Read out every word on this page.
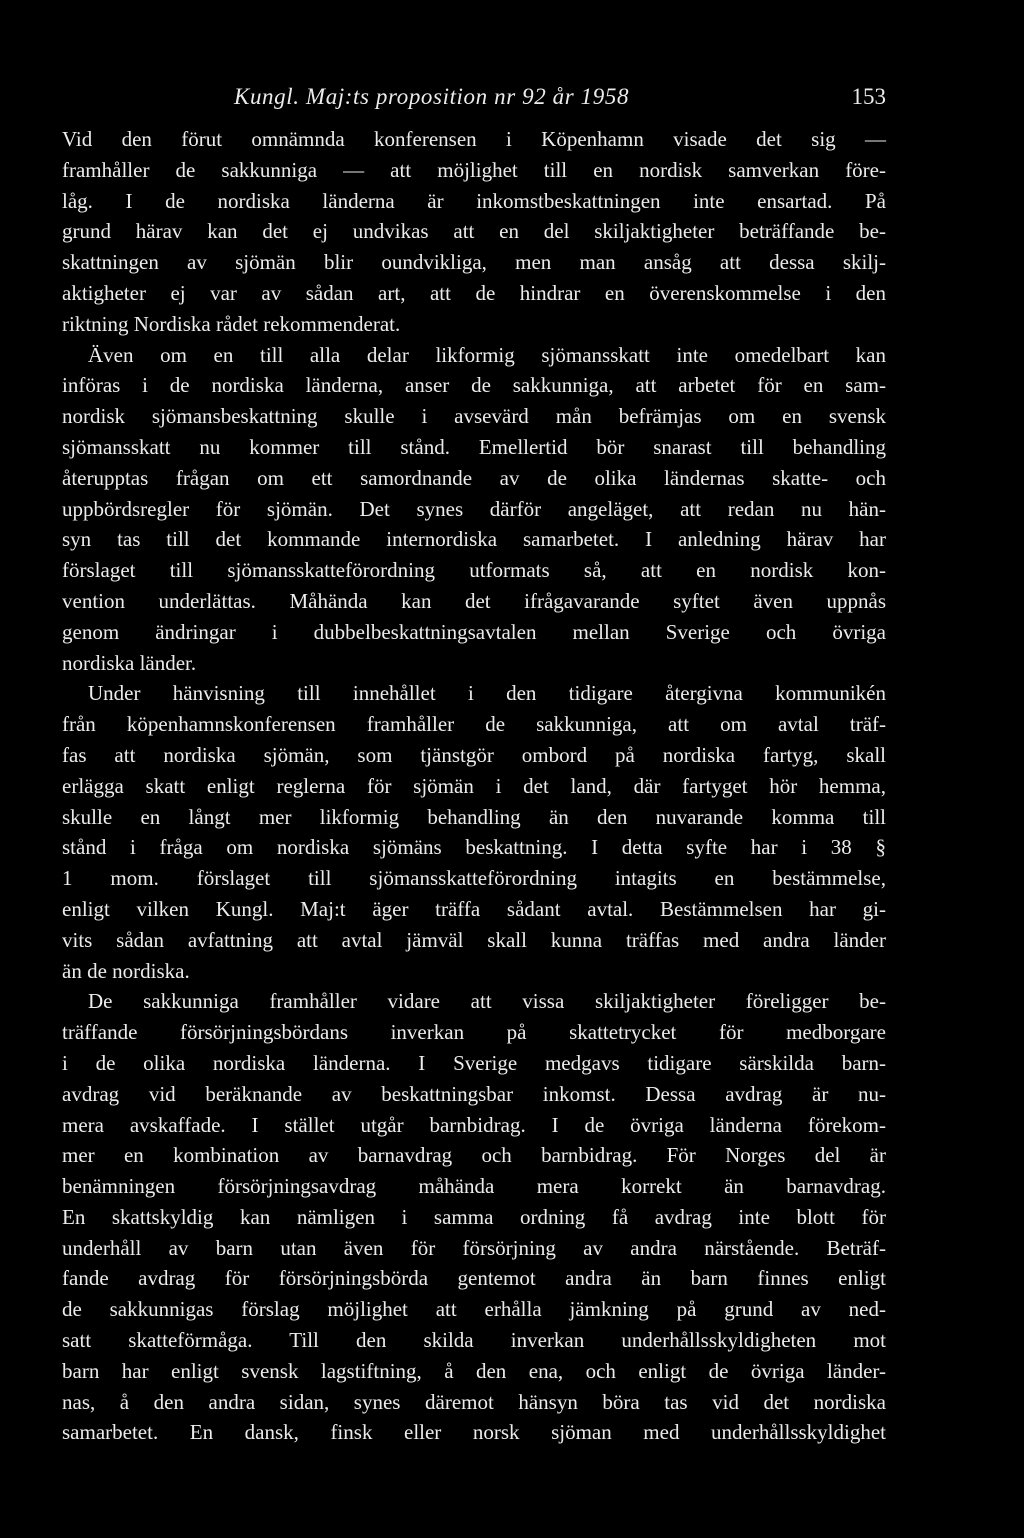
Kungl. Maj:ts proposition nr 92 år 1958	153
Vid den förut omnämnda konferensen i Köpenhamn visade det sig —
framhåller de sakkunniga — att möjlighet till en nordisk samverkan före-
låg. I de nordiska länderna är inkomstbeskattningen inte ensartad. På
grund härav kan det ej undvikas att en del skiljaktigheter beträffande be-
skattningen av sjömän blir oundvikliga, men man ansåg att dessa skilj-
aktigheter ej var av sådan art, att de hindrar en överenskommelse i den
riktning Nordiska rådet rekommenderat.
Även om en till alla delar likformig sjömansskatt inte omedelbart kan
införas i de nordiska länderna, anser de sakkunniga, att arbetet för en sam-
nordisk sjömansbeskattning skulle i avsevärd mån befrämjas om en svensk
sjömansskatt nu kommer till stånd. Emellertid bör snarast till behandling
återupptas frågan om ett samordnande av de olika ländernas skatte- och
uppbördsregler för sjömän. Det synes därför angeläget, att redan nu hän-
syn tas till det kommande internordiska samarbetet. I anledning härav har
förslaget till sjömansskatteförordning utformats så, att en nordisk kon-
vention underlättas. Måhända kan det ifrågavarande syftet även uppnås
genom ändringar i dubbelbeskattningsavtalen mellan Sverige och övriga
nordiska länder.
Under hänvisning till innehållet i den tidigare återgivna kommunikén
från köpenhamnskonferensen framhåller de sakkunniga, att om avtal träf-
fas att nordiska sjömän, som tjänstgör ombord på nordiska fartyg, skall
erlägga skatt enligt reglerna för sjömän i det land, där fartyget hör hemma,
skulle en långt mer likformig behandling än den nuvarande komma till
stånd i fråga om nordiska sjömäns beskattning. I detta syfte har i 38 §
1 mom. förslaget till sjömansskatteförordning intagits en bestämmelse,
enligt vilken Kungl. Maj:t äger träffa sådant avtal. Bestämmelsen har gi-
vits sådan avfattning att avtal jämväl skall kunna träffas med andra länder
än de nordiska.
De sakkunniga framhåller vidare att vissa skiljaktigheter föreligger be-
träffande försörjningsbördans inverkan på skattetrycket för medborgare
i de olika nordiska länderna. I Sverige medgavs tidigare särskilda barn-
avdrag vid beräknande av beskattningsbar inkomst. Dessa avdrag är nu-
mera avskaffade. I stället utgår barnbidrag. I de övriga länderna förekom-
mer en kombination av barnavdrag och barnbidrag. För Norges del är
benämningen försörjningsavdrag måhända mera korrekt än barnavdrag.
En skattskyldig kan nämligen i samma ordning få avdrag inte blott för
underhåll av barn utan även för försörjning av andra närstående. Beträf-
fande avdrag för försörjningsbörda gentemot andra än barn finnes enligt
de sakkunnigas förslag möjlighet att erhålla jämkning på grund av ned-
satt skatteförmåga. Till den skilda inverkan underhållsskyldigheten mot
barn har enligt svensk lagstiftning, å den ena, och enligt de övriga länder-
nas, å den andra sidan, synes däremot hänsyn böra tas vid det nordiska
samarbetet. En dansk, finsk eller norsk sjöman med underhållsskyldighet
